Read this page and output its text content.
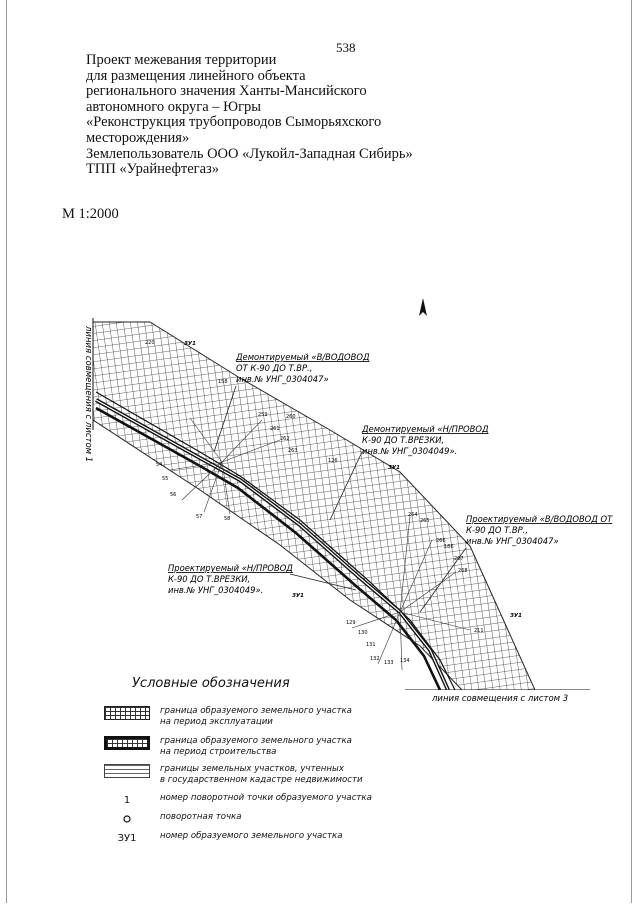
538
Проект межевания территории
для размещения линейного объекта
регионального значения Ханты-Мансийского
автономного округа – Югры
«Реконструкция трубопроводов Сыморьяхского
месторождения»
Землепользователь ООО «Лукойл-Западная Сибирь»
ТПП «Урайнефтегаз»
М 1:2000
линия совмещения с листом 1
линия совмещения с листом 3
Демонтируемый «В/ВОДОВОД
ОТ К-90 ДО Т.ВР.,
инв.№ УНГ_0304047»
Демонтируемый «Н/ПРОВОД
К-90 ДО Т.ВРЕЗКИ,
инв.№ УНГ_0304049».
Проектируемый «В/ВОДОВОД ОТ
К-90 ДО Т.ВР.,
инв.№ УНГ_0304047»
Проектируемый «Н/ПРОВОД
К-90 ДО Т.ВРЕЗКИ,
инв.№ УНГ_0304049».
ЗУ1
ЗУ1
ЗУ1
ЗУ1
220
158
54
55
56
57	58
259	260
261
262
263
126
264
265
266
267
268
186
129
130
131
132
133 134
211
Условные обозначения
граница образуемого земельного участка
на период эксплуатации
граница образуемого земельного участка
на период строительства
границы земельных участков, учтенных
в государственном кадастре недвижимости
1	номер поворотной точки образуемого участка
поворотная точка
ЗУ1	номер образуемого земельного участка
